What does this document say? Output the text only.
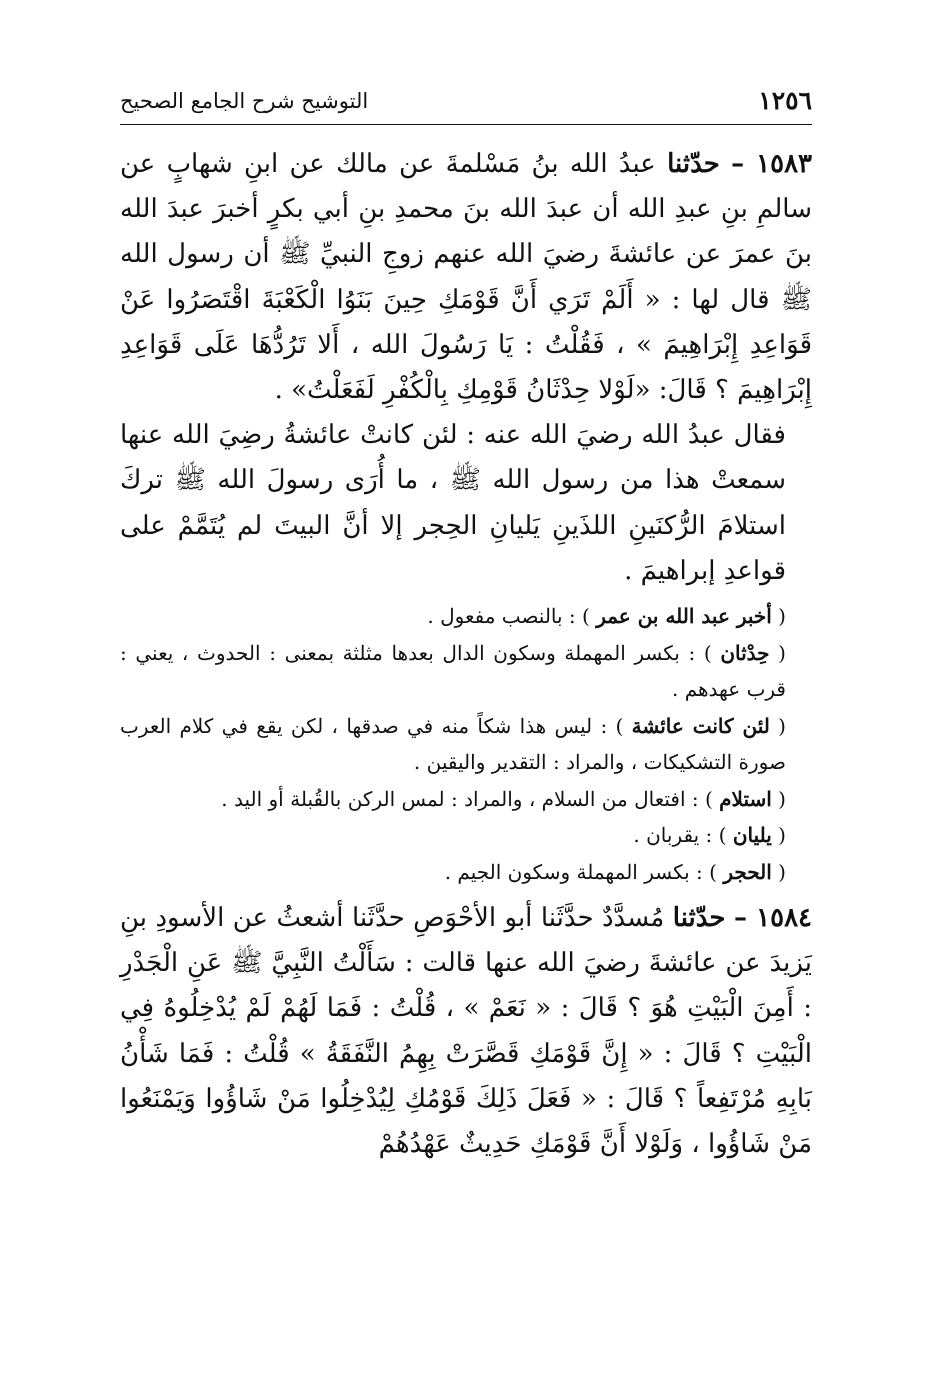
١٢٥٦
التوشيح شرح الجامع الصحيح

١٥٨٣ – حدّثنا عبدُ الله بنُ مَسْلمةَ عن مالك عن ابنِ شهابٍ عن سالمِ بنِ عبدِ الله أن عبدَ الله بنَ محمدِ بنِ أبي بكرٍ أخبرَ عبدَ الله بنَ عمرَ عن عائشةَ رضيَ الله عنهم زوجِ النبيِّ ﷺ أن رسول الله ﷺ قال لها : « أَلَمْ تَرَي أَنَّ قَوْمَكِ حِينَ بَنَوُا الْكَعْبَةَ اقْتَصَرُوا عَنْ قَوَاعِدِ إِبْرَاهِيمَ » ، فَقُلْتُ : يَا رَسُولَ الله ، أَلا تَرُدُّهَا عَلَى قَوَاعِدِ إِبْرَاهِيمَ ؟ قَالَ: «لَوْلا حِدْثَانُ قَوْمِكِ بِالْكُفْرِ لَفَعَلْتُ» .

فقال عبدُ الله رضيَ الله عنه : لئن كانتْ عائشةُ رضِيَ الله عنها سمعتْ هذا من رسول الله ﷺ ، ما أُرَى رسولَ الله ﷺ تركَ استلامَ الرُّكنَينِ اللذَينِ يَليانِ الحِجر إلا أنَّ البيتَ لم يُتَمَّمْ على قواعدِ إبراهيمَ .

( أخبر عبد الله بن عمر ) : بالنصب مفعول .

( حِدْثان ) : بكسر المهملة وسكون الدال بعدها مثلثة بمعنى : الحدوث ، يعني : قرب عهدهم .

( لئن كانت عائشة ) : ليس هذا شكاً منه في صدقها ، لكن يقع في كلام العرب صورة التشكيكات ، والمراد : التقدير واليقين .

( استلام ) : افتعال من السلام ، والمراد : لمس الركن بالقُبلة أو اليد .

( يليان ) : يقربان .

( الحجر ) : بكسر المهملة وسكون الجيم .

١٥٨٤ – حدّثنا مُسدَّدٌ حدَّثَنا أبو الأحْوَصِ حدَّثَنا أشعثُ عن الأسودِ بنِ يَزيدَ عن عائشةَ رضيَ الله عنها قالت : سَأَلْتُ النَّبِيَّ ﷺ عَنِ الْجَدْرِ : أَمِنَ الْبَيْتِ هُوَ ؟ قَالَ : « نَعَمْ » ، قُلْتُ : فَمَا لَهُمْ لَمْ يُدْخِلُوهُ فِي الْبَيْتِ ؟ قَالَ : « إِنَّ قَوْمَكِ قَصَّرَتْ بِهِمُ النَّفَقَةُ » قُلْتُ : فَمَا شَأْنُ بَابِهِ مُرْتَفِعاً ؟ قَالَ : « فَعَلَ ذَلِكَ قَوْمُكِ لِيُدْخِلُوا مَنْ شَاؤُوا وَيَمْنَعُوا مَنْ شَاؤُوا ، وَلَوْلا أَنَّ قَوْمَكِ حَدِيثٌ عَهْدُهُمْ
